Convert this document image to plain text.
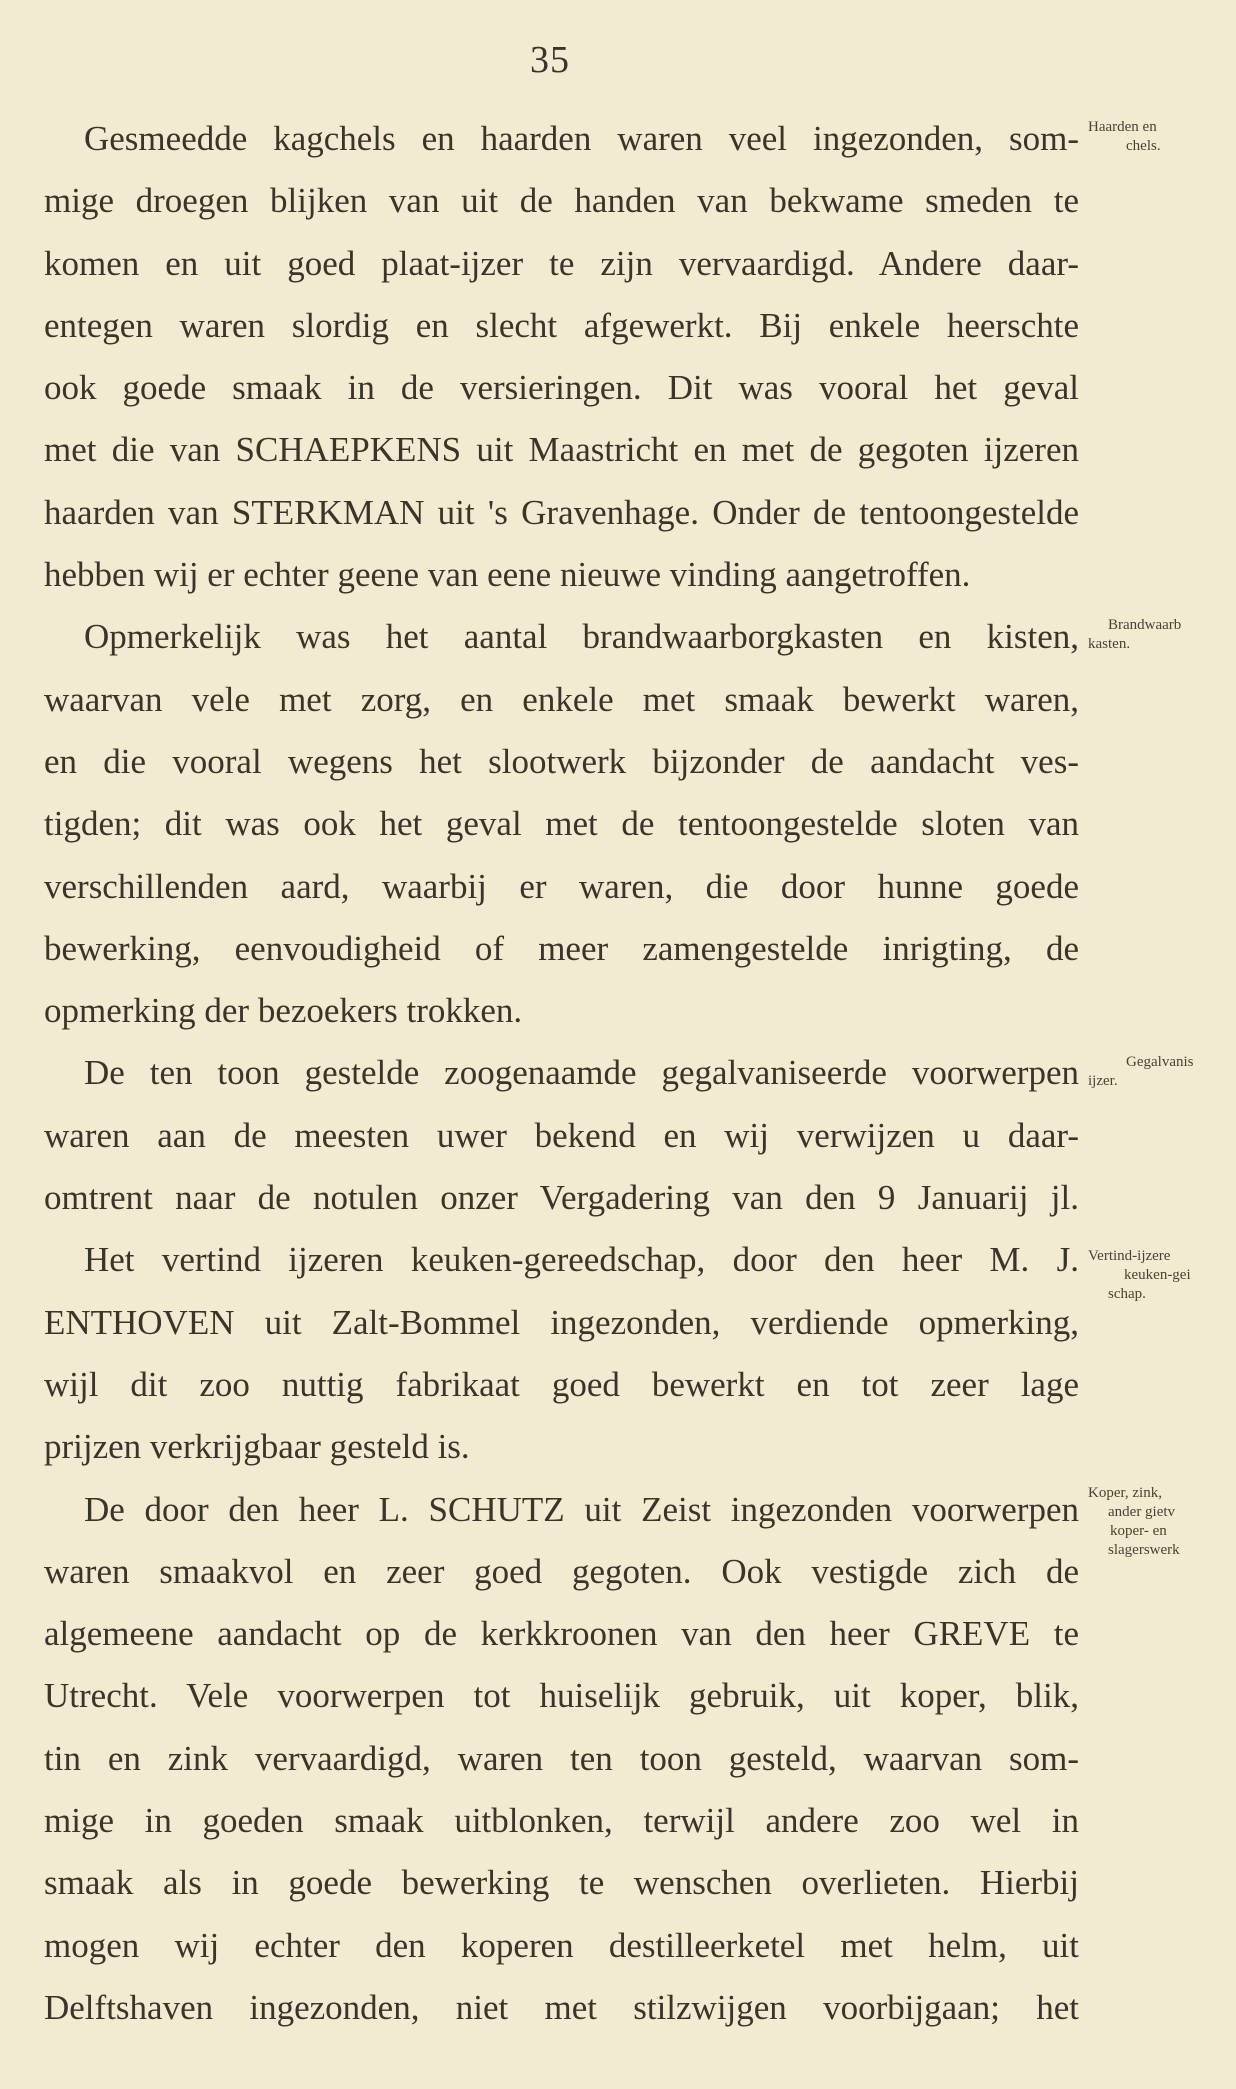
35
Gesmeedde kagchels en haarden waren veel ingezonden, som-
mige droegen blijken van uit de handen van bekwame smeden te
komen en uit goed plaat-ijzer te zijn vervaardigd. Andere daar-
entegen waren slordig en slecht afgewerkt. Bij enkele heerschte
ook goede smaak in de versieringen. Dit was vooral het geval
met die van SCHAEPKENS uit Maastricht en met de gegoten ijzeren
haarden van STERKMAN uit 's Gravenhage. Onder de tentoongestelde
hebben wij er echter geene van eene nieuwe vinding aangetroffen.
Opmerkelijk was het aantal brandwaarborgkasten en kisten,
waarvan vele met zorg, en enkele met smaak bewerkt waren,
en die vooral wegens het slootwerk bijzonder de aandacht ves-
tigden; dit was ook het geval met de tentoongestelde sloten van
verschillenden aard, waarbij er waren, die door hunne goede
bewerking, eenvoudigheid of meer zamengestelde inrigting, de
opmerking der bezoekers trokken.
De ten toon gestelde zoogenaamde gegalvaniseerde voorwerpen
waren aan de meesten uwer bekend en wij verwijzen u daar-
omtrent naar de notulen onzer Vergadering van den 9 Januarij jl.
Het vertind ijzeren keuken-gereedschap, door den heer M. J.
ENTHOVEN uit Zalt-Bommel ingezonden, verdiende opmerking,
wijl dit zoo nuttig fabrikaat goed bewerkt en tot zeer lage
prijzen verkrijgbaar gesteld is.
De door den heer L. SCHUTZ uit Zeist ingezonden voorwerpen
waren smaakvol en zeer goed gegoten. Ook vestigde zich de
algemeene aandacht op de kerkkroonen van den heer GREVE te
Utrecht. Vele voorwerpen tot huiselijk gebruik, uit koper, blik,
tin en zink vervaardigd, waren ten toon gesteld, waarvan som-
mige in goeden smaak uitblonken, terwijl andere zoo wel in
smaak als in goede bewerking te wenschen overlieten. Hierbij
mogen wij echter den koperen destilleerketel met helm, uit
Delftshaven ingezonden, niet met stilzwijgen voorbijgaan; het
Haarden en
chels.
Brandwaarb
kasten.
Gegalvanis
ijzer.
Vertind-ijzere
keuken-gei
schap.
Koper, zink,
ander gietv
koper- en
slagerswerk
